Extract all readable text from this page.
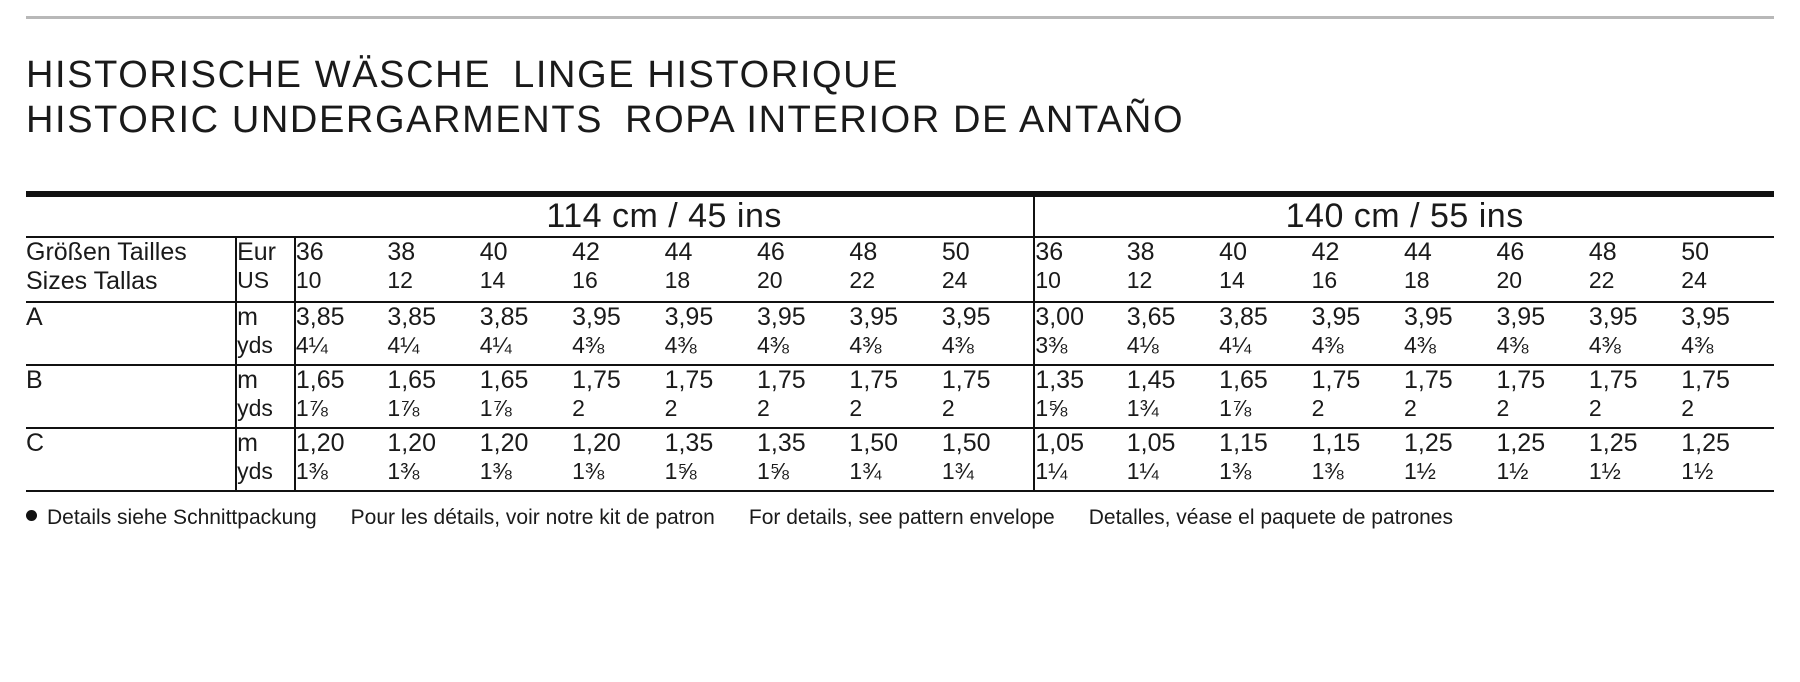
HISTORISCHE WÄSCHE LINGE HISTORIQUE
HISTORIC UNDERGARMENTS ROPA INTERIOR DE ANTAÑO
		114 cm / 45 ins								140 cm / 55 ins							
Größen Tailles	Eur	36	38	40	42	44	46	48	50	36	38	40	42	44	46	48	50
Sizes Tallas	US	10	12	14	16	18	20	22	24	10	12	14	16	18	20	22	24
A	m	3,85	3,85	3,85	3,95	3,95	3,95	3,95	3,95	3,00	3,65	3,85	3,95	3,95	3,95	3,95	3,95
	yds	4¼	4¼	4¼	4⅜	4⅜	4⅜	4⅜	4⅜	3⅜	4⅛	4¼	4⅜	4⅜	4⅜	4⅜	4⅜
B	m	1,65	1,65	1,65	1,75	1,75	1,75	1,75	1,75	1,35	1,45	1,65	1,75	1,75	1,75	1,75	1,75
	yds	1⅞	1⅞	1⅞	2	2	2	2	2	1⅝	1¾	1⅞	2	2	2	2	2
C	m	1,20	1,20	1,20	1,20	1,35	1,35	1,50	1,50	1,05	1,05	1,15	1,15	1,25	1,25	1,25	1,25
	yds	1⅜	1⅜	1⅜	1⅜	1⅝	1⅝	1¾	1¾	1¼	1¼	1⅜	1⅜	1½	1½	1½	1½
Details siehe Schnittpackung Pour les détails, voir notre kit de patron For details, see pattern envelope Detalles, véase el paquete de patrones
